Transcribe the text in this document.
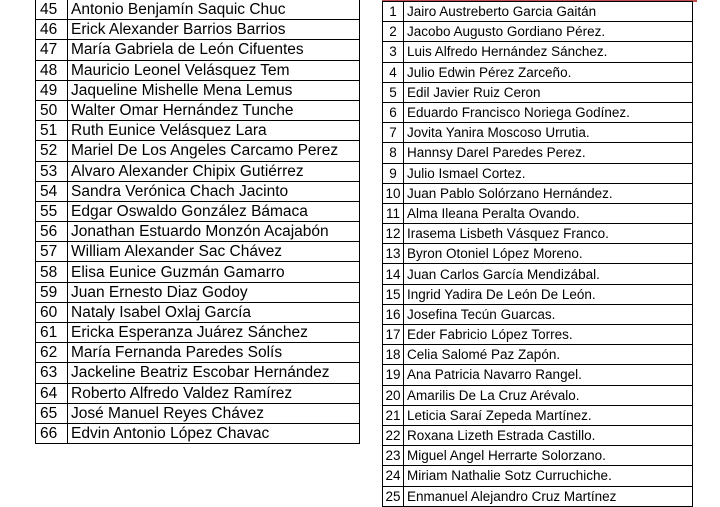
45	Antonio Benjamín Saquic Chuc
46	Erick Alexander Barrios Barrios
47	María Gabriela de León Cifuentes
48	Mauricio Leonel Velásquez Tem
49	Jaqueline Mishelle Mena Lemus
50	Walter Omar Hernández Tunche
51	Ruth Eunice Velásquez Lara
52	Mariel De Los Angeles Carcamo Perez
53	Alvaro Alexander Chipix Gutiérrez
54	Sandra Verónica Chach Jacinto
55	Edgar Oswaldo González Bámaca
56	Jonathan Estuardo Monzón Acajabón
57	William Alexander Sac Chávez
58	Elisa Eunice Guzmán Gamarro
59	Juan Ernesto Diaz Godoy
60	Nataly Isabel Oxlaj García
61	Ericka Esperanza Juárez Sánchez
62	María Fernanda Paredes Solís
63	Jackeline Beatriz Escobar Hernández
64	Roberto Alfredo Valdez Ramírez
65	José Manuel Reyes Chávez
66	Edvin Antonio López Chavac
1	Jairo Austreberto Garcia Gaitán
2	Jacobo Augusto Gordiano Pérez.
3	Luis Alfredo Hernández Sánchez.
4	Julio Edwin Pérez Zarceño.
5	Edil Javier Ruiz Ceron
6	Eduardo Francisco Noriega Godínez.
7	Jovita Yanira Moscoso Urrutia.
8	Hannsy Darel Paredes Perez.
9	Julio Ismael Cortez.
10	Juan Pablo Solórzano Hernández.
11	Alma Ileana Peralta Ovando.
12	Irasema Lisbeth Vásquez Franco.
13	Byron Otoniel López Moreno.
14	Juan Carlos García Mendizábal.
15	Ingrid Yadira De León De León.
16	Josefina Tecún Guarcas.
17	Eder Fabricio López Torres.
18	Celia Salomé Paz Zapón.
19	Ana Patricia Navarro Rangel.
20	Amarilis De La Cruz Arévalo.
21	Leticia Saraí Zepeda Martínez.
22	Roxana Lizeth Estrada Castillo.
23	Miguel Angel Herrarte Solorzano.
24	Miriam Nathalie Sotz Curruchiche.
25	Enmanuel Alejandro Cruz Martínez
